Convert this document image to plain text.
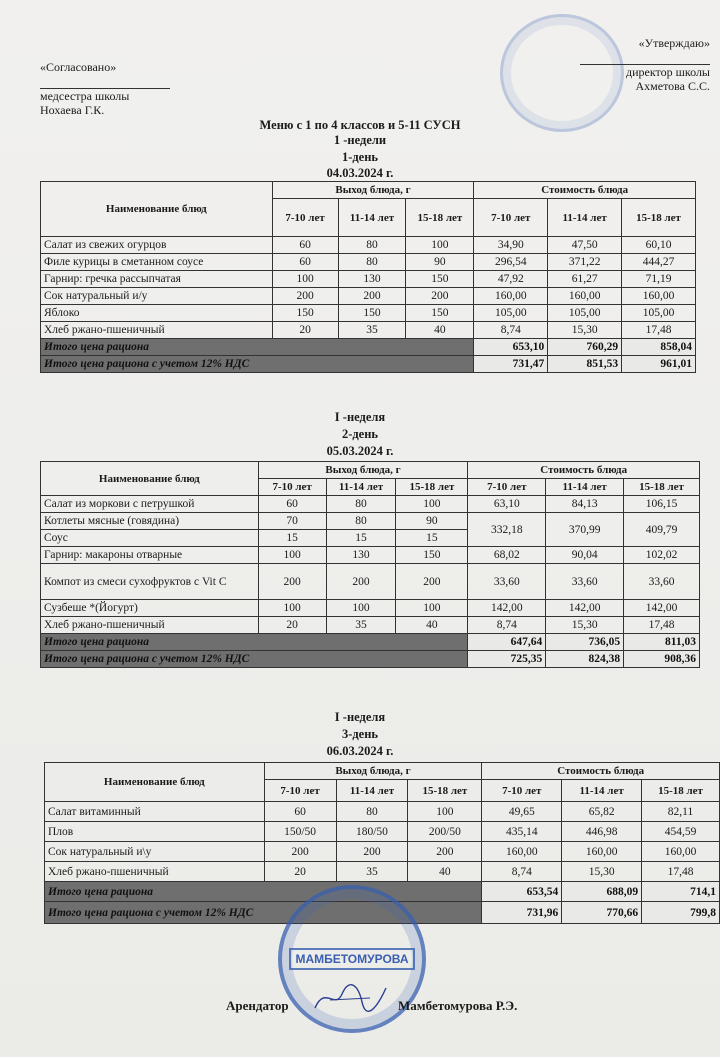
«Согласовано»
медсестра школы
Нохаева Г.К.
«Утверждаю»
директор школы
Ахметова С.С.
Меню с 1 по 4 классов и 5-11 СУСН
1 -недели
1-день
04.03.2024 г.
Наименование блюд	Выход блюда, г			Стоимость блюда		
	7-10 лет	11-14 лет	15-18 лет	7-10 лет	11-14 лет	15-18 лет
Салат из свежих огурцов	60	80	100	34,90	47,50	60,10
Филе курицы в сметанном соусе	60	80	90	296,54	371,22	444,27
Гарнир: гречка рассыпчатая	100	130	150	47,92	61,27	71,19
Сок натуральный и/у	200	200	200	160,00	160,00	160,00
Яблоко	150	150	150	105,00	105,00	105,00
Хлеб ржано-пшеничный	20	35	40	8,74	15,30	17,48
Итого цена рациона				653,10	760,29	858,04
Итого цена рациона с учетом 12% НДС				731,47	851,53	961,01
I -неделя
2-день
05.03.2024 г.
Наименование блюд	Выход блюда, г			Стоимость блюда		
	7-10 лет	11-14 лет	15-18 лет	7-10 лет	11-14 лет	15-18 лет
Салат из моркови с петрушкой	60	80	100	63,10	84,13	106,15
Котлеты мясные (говядина)	70	80	90	332,18	370,99	409,79
Соус	15	15	15			
Гарнир: макароны отварные	100	130	150	68,02	90,04	102,02
Компот из смеси сухофруктов с Vit C	200	200	200	33,60	33,60	33,60
Сузбеше *(Йогурт)	100	100	100	142,00	142,00	142,00
Хлеб ржано-пшеничный	20	35	40	8,74	15,30	17,48
Итого цена рациона				647,64	736,05	811,03
Итого цена рациона с учетом 12% НДС				725,35	824,38	908,36
I -неделя
3-день
06.03.2024 г.
Наименование блюд	Выход блюда, г			Стоимость блюда		
	7-10 лет	11-14 лет	15-18 лет	7-10 лет	11-14 лет	15-18 лет
Салат витаминный	60	80	100	49,65	65,82	82,11
Плов	150/50	180/50	200/50	435,14	446,98	454,59
Сок натуральный и\у	200	200	200	160,00	160,00	160,00
Хлеб ржано-пшеничный	20	35	40	8,74	15,30	17,48
Итого цена рациона				653,54	688,09	714,1
Итого цена рациона с учетом 12% НДС				731,96	770,66	799,8
МАМБЕТОМУРОВА
Арендатор	Мамбетомурова Р.Э.
